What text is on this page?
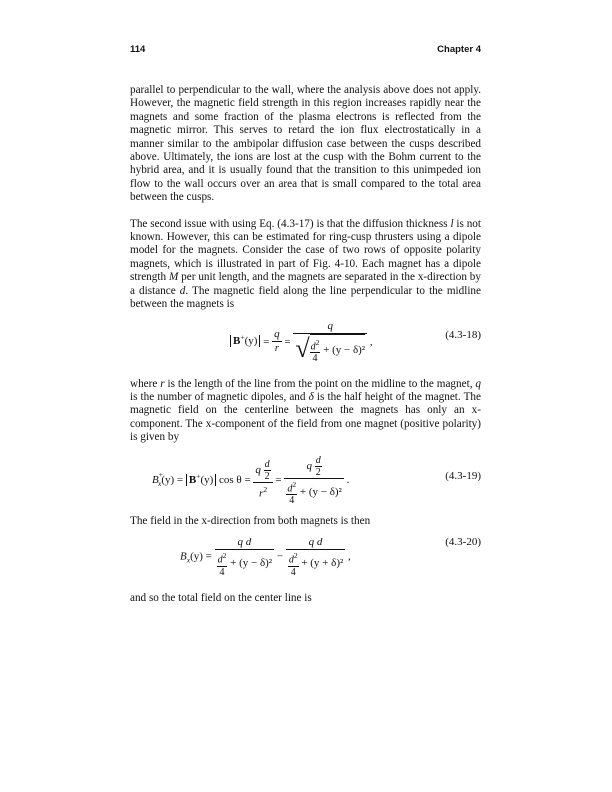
114	Chapter 4

parallel to perpendicular to the wall, where the analysis above does not apply. However, the magnetic field strength in this region increases rapidly near the magnets and some fraction of the plasma electrons is reflected from the magnetic mirror. This serves to retard the ion flux electrostatically in a manner similar to the ambipolar diffusion case between the cusps described above. Ultimately, the ions are lost at the cusp with the Bohm current to the hybrid area, and it is usually found that the transition to this unimpeded ion flow to the wall occurs over an area that is small compared to the total area between the cusps.

The second issue with using Eq. (4.3-17) is that the diffusion thickness l is not known. However, this can be estimated for ring-cusp thrusters using a dipole model for the magnets. Consider the case of two rows of opposite polarity magnets, which is illustrated in part of Fig. 4-10. Each magnet has a dipole strength M per unit length, and the magnets are separated in the x-direction by a distance d. The magnetic field along the line perpendicular to the midline between the magnets is

$B^+(y) = \frac{q}{r} = \frac{q}{√ \frac{d^2}{4} + (y - \delta)^2}$ ,
(4.3-18)

where r is the length of the line from the point on the midline to the magnet, q is the number of magnetic dipoles, and δ is the half height of the magnet. The magnetic field on the centerline between the magnets has only an x-component. The x-component of the field from one magnet (positive polarity) is given by

$B^+_x(y) = B^+(y)$ $\cos \theta = \frac{q \frac{d}{2}}{r^2} = \frac{q \frac{d}{2}}{\frac{d^2}{4} + (y - \delta)^2}$ .	(4.3-19)

The field in the x-direction from both magnets is then

$B_x(y) = \frac{\text{q d}}{\frac{d^2}{4} + (y - \delta)^2} - \frac{\text{q d}}{\frac{d^2}{4} + (y + \delta)^2}$ ,
(4.3-20)

and so the total field on the center line is
